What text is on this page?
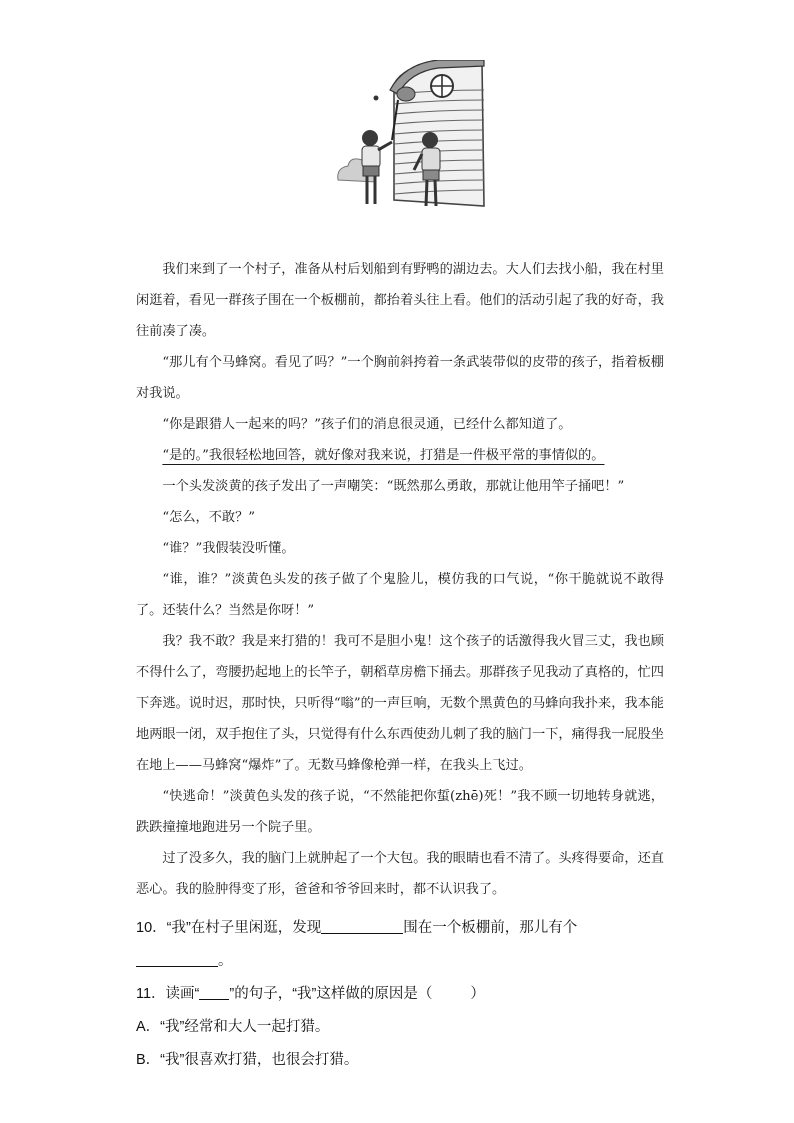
我们来到了一个村子，准备从村后划船到有野鸭的湖边去。大人们去找小船，我在村里闲逛着，看见一群孩子围在一个板棚前，都抬着头往上看。他们的活动引起了我的好奇，我往前凑了凑。

“那儿有个马蜂窝。看见了吗？”一个胸前斜挎着一条武装带似的皮带的孩子，指着板棚对我说。

“你是跟猎人一起来的吗？”孩子们的消息很灵通，已经什么都知道了。

“是的。”我很轻松地回答，就好像对我来说，打猎是一件极平常的事情似的。

一个头发淡黄的孩子发出了一声嘲笑：“既然那么勇敢，那就让他用竿子捅吧！”

“怎么，不敢？”

“谁？”我假装没听懂。

“谁，谁？”淡黄色头发的孩子做了个鬼脸儿，模仿我的口气说，“你干脆就说不敢得了。还装什么？当然是你呀！”

我？我不敢？我是来打猎的！我可不是胆小鬼！这个孩子的话激得我火冒三丈，我也顾不得什么了，弯腰扔起地上的长竿子，朝稻草房檐下捅去。那群孩子见我动了真格的，忙四下奔逃。说时迟，那时快，只听得“嗡”的一声巨响，无数个黑黄色的马蜂向我扑来，我本能地两眼一闭，双手抱住了头，只觉得有什么东西使劲儿刺了我的脑门一下，痛得我一屁股坐在地上——马蜂窝“爆炸”了。无数马蜂像枪弹一样，在我头上飞过。

“快逃命！”淡黄色头发的孩子说，“不然能把你蜇(zhē)死！”我不顾一切地转身就逃，跌跌撞撞地跑进另一个院子里。

过了没多久，我的脑门上就肿起了一个大包。我的眼睛也看不清了。头疼得要命，还直恶心。我的脸肿得变了形，爸爸和爷爷回来时，都不认识我了。

10．“我”在村子里闲逛，发现	围在一个板棚前，那儿有个

。

11．读画“ ”的句子，“我”这样做的原因是（	）

A．“我”经常和大人一起打猎。

B．“我”很喜欢打猎，也很会打猎。
